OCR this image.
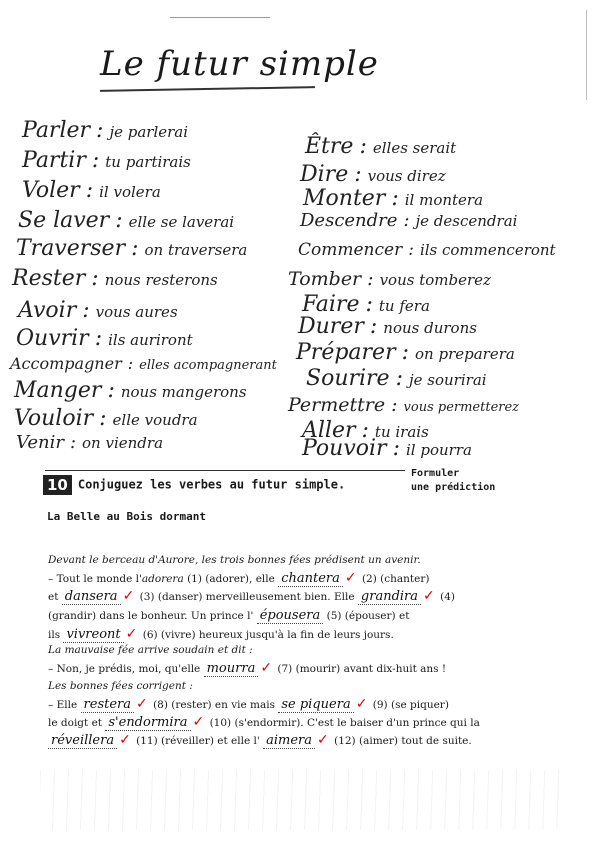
Le futur simple
Parler : je parlerai
Partir : tu partirais
Voler : il volera
Se laver : elle se laverai
Traverser : on traversera
Rester : nous resterons
Avoir : vous aures
Ouvrir : ils auriront
Accompagner : elles acompagnerant
Manger : nous mangerons
Vouloir : elle voudra
Venir : on viendra
Être : elles serait
Dire : vous direz
Monter : il montera
Descendre : je descendrai
Commencer : ils commenceront
Tomber : vous tomberez
Faire : tu fera
Durer : nous durons
Préparer : on preparera
Sourire : je sourirai
Permettre : vous permetterez
Aller : tu irais
Pouvoir : il pourra
10 Conjuguez les verbes au futur simple.
Formuler
une prédiction
La Belle au Bois dormant
Devant le berceau d'Aurore, les trois bonnes fées prédisent un avenir.
– Tout le monde l'adorera (1) (adorer), elle chantera ✓ (2) (chanter)
et dansera ✓ (3) (danser) merveilleusement bien. Elle grandira ✓ (4)
(grandir) dans le bonheur. Un prince l' épousera (5) (épouser) et
ils vivreont ✓ (6) (vivre) heureux jusqu'à la fin de leurs jours.
La mauvaise fée arrive soudain et dit :
– Non, je prédis, moi, qu'elle mourra ✓ (7) (mourir) avant dix-huit ans !
Les bonnes fées corrigent :
– Elle restera ✓ (8) (rester) en vie mais se piquera ✓ (9) (se piquer)
le doigt et s'endormira ✓ (10) (s'endormir). C'est le baiser d'un prince qui la
réveillera ✓ (11) (réveiller) et elle l' aimera ✓ (12) (aimer) tout de suite.
